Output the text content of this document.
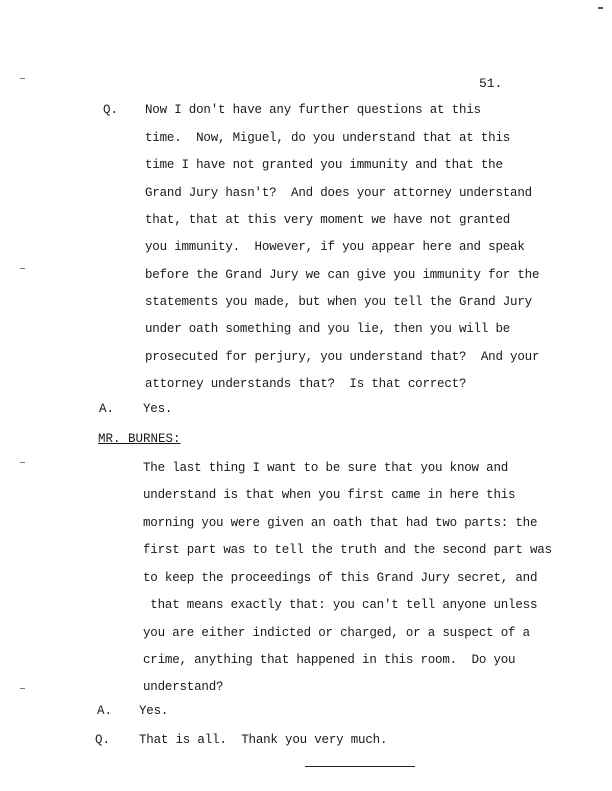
51.
Q. Now I don't have any further questions at this
time.  Now, Miguel, do you understand that at this
time I have not granted you immunity and that the
Grand Jury hasn't?  And does your attorney understand
that, that at this very moment we have not granted
you immunity.  However, if you appear here and speak
before the Grand Jury we can give you immunity for the
statements you made, but when you tell the Grand Jury
under oath something and you lie, then you will be
prosecuted for perjury, you understand that?  And your
attorney understands that?  Is that correct?
A. Yes.
MR. BURNES:
The last thing I want to be sure that you know and
understand is that when you first came in here this
morning you were given an oath that had two parts: the
first part was to tell the truth and the second part was
to keep the proceedings of this Grand Jury secret, and
that means exactly that: you can't tell anyone unless
you are either indicted or charged, or a suspect of a
crime, anything that happened in this room.  Do you
understand?
A. Yes.
Q. That is all.  Thank you very much.
